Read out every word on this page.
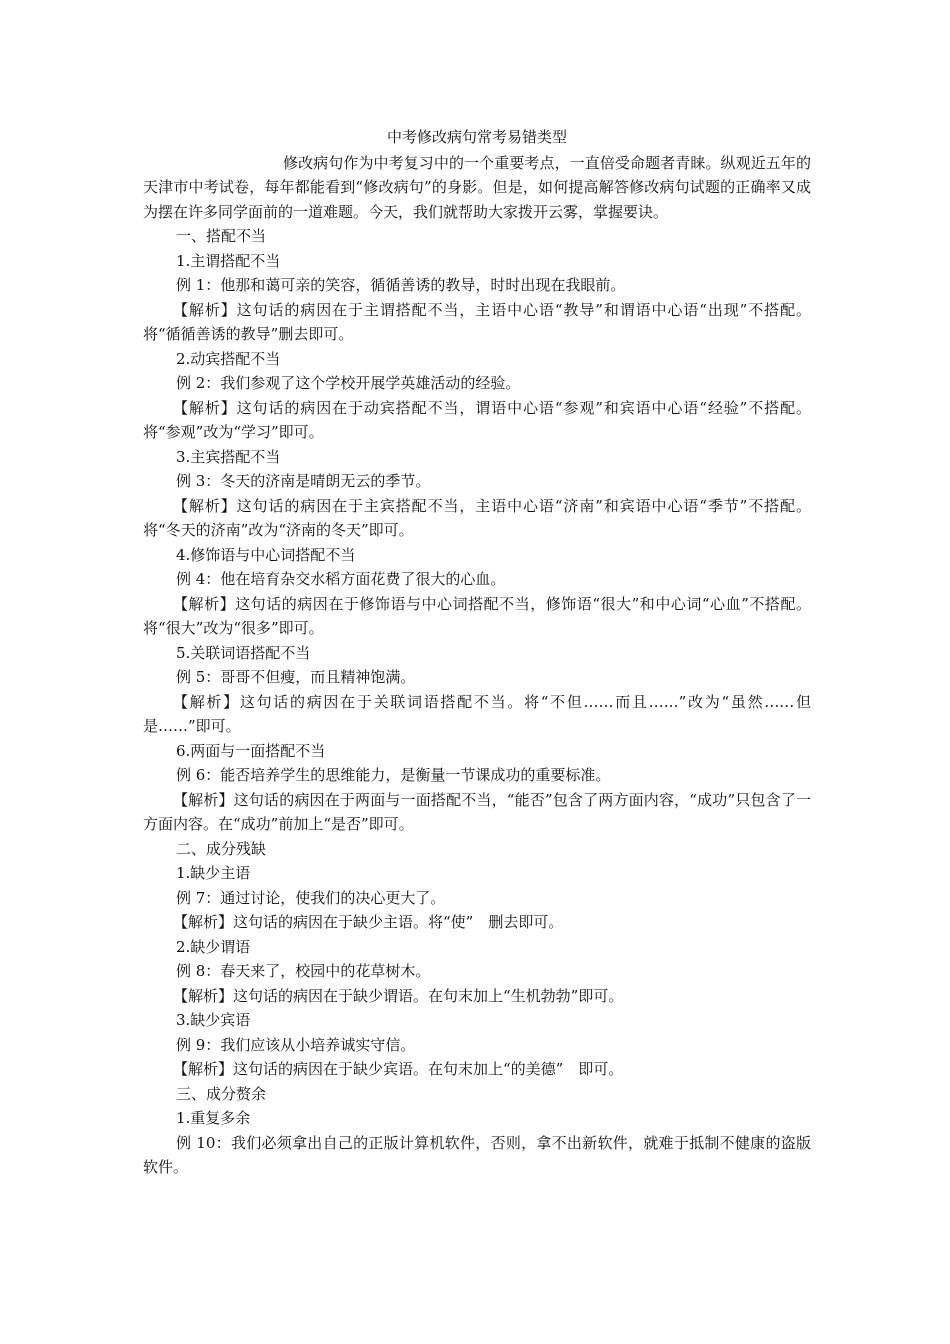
中考修改病句常考易错类型

修改病句作为中考复习中的一个重要考点，一直倍受命题者青睐。纵观近五年的天津市中考试卷，每年都能看到“修改病句”的身影。但是，如何提高解答修改病句试题的正确率又成为摆在许多同学面前的一道难题。今天，我们就帮助大家拨开云雾，掌握要诀。

一、搭配不当

1.主谓搭配不当

例 1：他那和蔼可亲的笑容，循循善诱的教导，时时出现在我眼前。

【解析】这句话的病因在于主谓搭配不当，主语中心语“教导”和谓语中心语“出现”不搭配。将“循循善诱的教导”删去即可。

2.动宾搭配不当

例 2：我们参观了这个学校开展学英雄活动的经验。

【解析】这句话的病因在于动宾搭配不当，谓语中心语“参观”和宾语中心语“经验”不搭配。将“参观”改为“学习”即可。

3.主宾搭配不当

例 3：冬天的济南是晴朗无云的季节。

【解析】这句话的病因在于主宾搭配不当，主语中心语“济南”和宾语中心语“季节”不搭配。将“冬天的济南”改为“济南的冬天”即可。

4.修饰语与中心词搭配不当

例 4：他在培育杂交水稻方面花费了很大的心血。

【解析】这句话的病因在于修饰语与中心词搭配不当，修饰语“很大”和中心词“心血”不搭配。将“很大”改为“很多”即可。

5.关联词语搭配不当

例 5：哥哥不但瘦，而且精神饱满。

【解析】这句话的病因在于关联词语搭配不当。将“不但……而且……”改为“虽然……但是……”即可。

6.两面与一面搭配不当

例 6：能否培养学生的思维能力，是衡量一节课成功的重要标准。

【解析】这句话的病因在于两面与一面搭配不当，“能否”包含了两方面内容，“成功”只包含了一方面内容。在“成功”前加上“是否”即可。

二、成分残缺

1.缺少主语

例 7：通过讨论，使我们的决心更大了。

【解析】这句话的病因在于缺少主语。将“使”　删去即可。

2.缺少谓语

例 8：春天来了，校园中的花草树木。

【解析】这句话的病因在于缺少谓语。在句末加上“生机勃勃”即可。

3.缺少宾语

例 9：我们应该从小培养诚实守信。

【解析】这句话的病因在于缺少宾语。在句末加上“的美德”　即可。

三、成分赘余

1.重复多余

例 10：我们必须拿出自己的正版计算机软件，否则，拿不出新软件，就难于抵制不健康的盗版软件。
